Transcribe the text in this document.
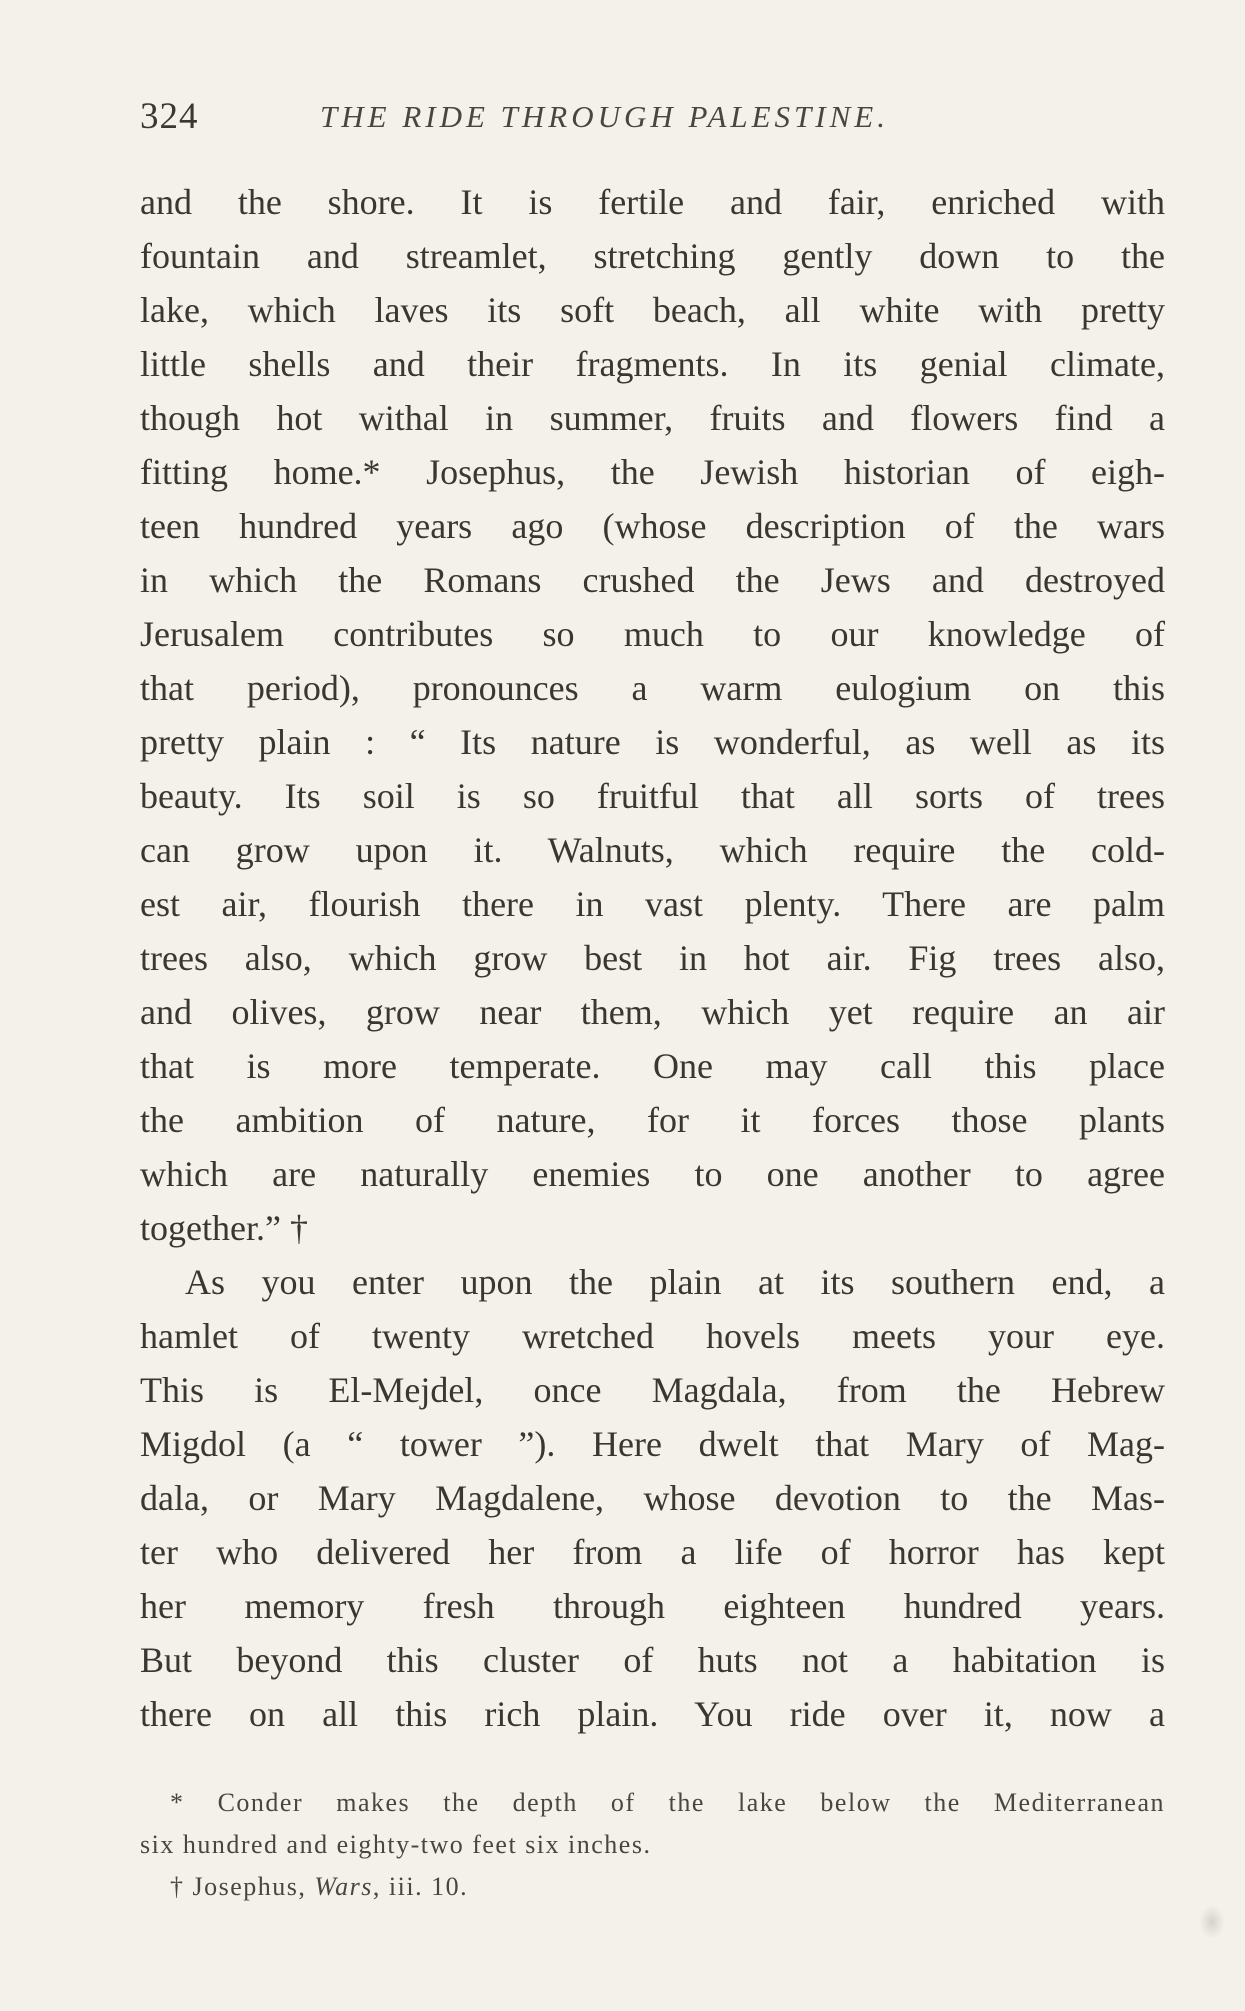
324	THE RIDE THROUGH PALESTINE.
and the shore. It is fertile and fair, enriched with
fountain and streamlet, stretching gently down to the
lake, which laves its soft beach, all white with pretty
little shells and their fragments. In its genial climate,
though hot withal in summer, fruits and flowers find a
fitting home.* Josephus, the Jewish historian of eigh-
teen hundred years ago (whose description of the wars
in which the Romans crushed the Jews and destroyed
Jerusalem contributes so much to our knowledge of
that period), pronounces a warm eulogium on this
pretty plain : “ Its nature is wonderful, as well as its
beauty. Its soil is so fruitful that all sorts of trees
can grow upon it. Walnuts, which require the cold-
est air, flourish there in vast plenty. There are palm
trees also, which grow best in hot air. Fig trees also,
and olives, grow near them, which yet require an air
that is more temperate. One may call this place
the ambition of nature, for it forces those plants
which are naturally enemies to one another to agree
together.” †
As you enter upon the plain at its southern end, a
hamlet of twenty wretched hovels meets your eye.
This is El-Mejdel, once Magdala, from the Hebrew
Migdol (a “ tower ”). Here dwelt that Mary of Mag-
dala, or Mary Magdalene, whose devotion to the Mas-
ter who delivered her from a life of horror has kept
her memory fresh through eighteen hundred years.
But beyond this cluster of huts not a habitation is
there on all this rich plain. You ride over it, now a
* Conder makes the depth of the lake below the Mediterranean
six hundred and eighty-two feet six inches.
† Josephus, Wars, iii. 10.
